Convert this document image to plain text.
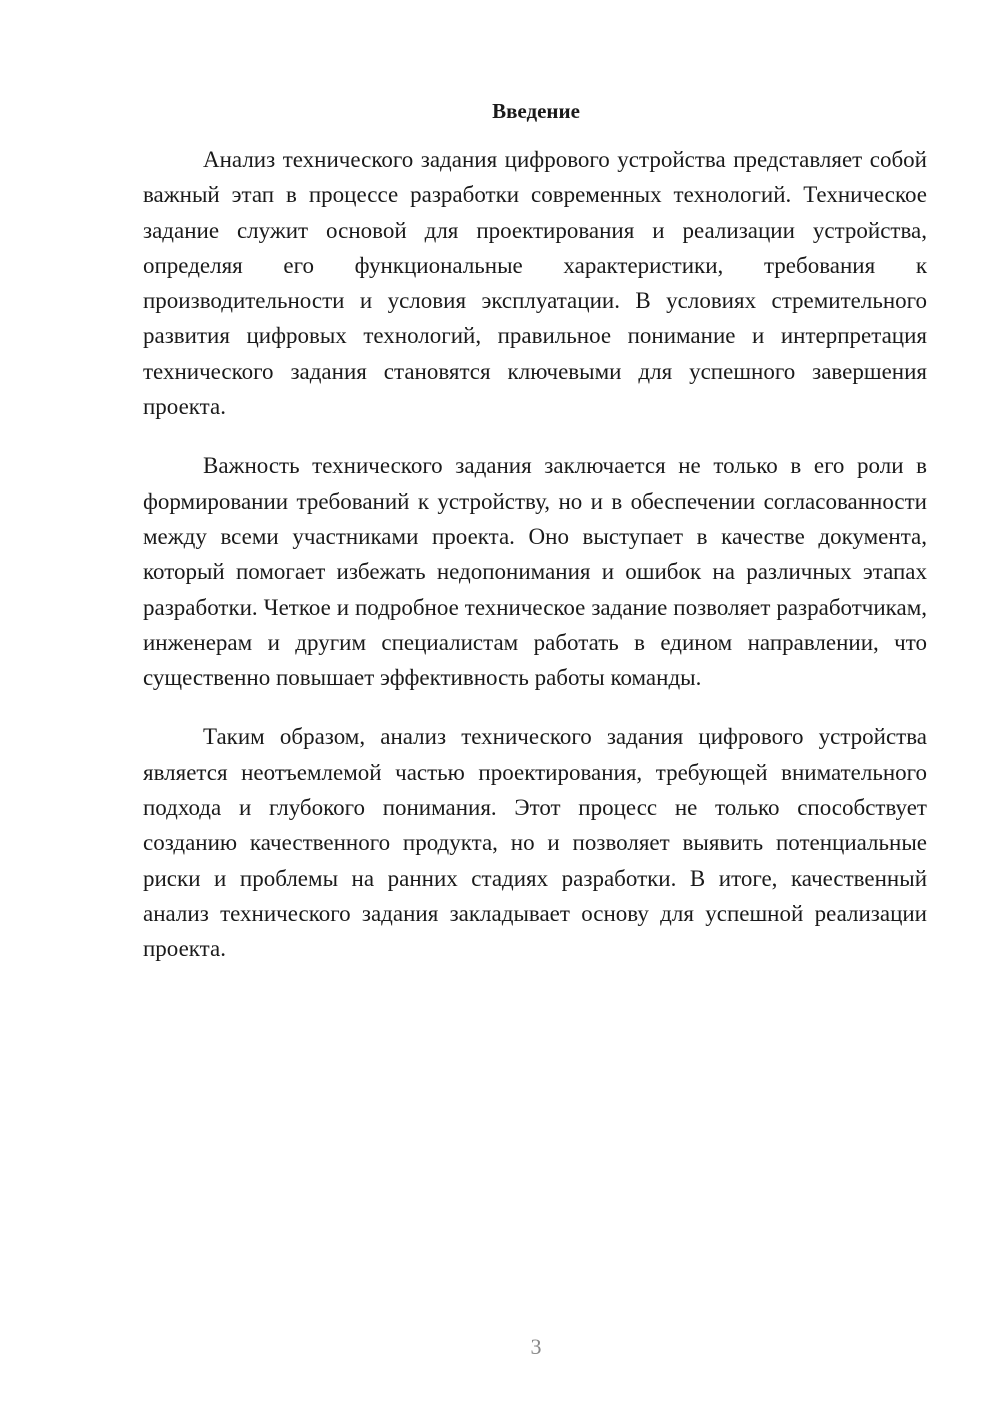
Введение

Анализ технического задания цифрового устройства представляет собой важный этап в процессе разработки современных технологий. Техническое задание служит основой для проектирования и реализации устройства, определяя его функциональные характеристики, требования к производительности и условия эксплуатации. В условиях стремительного развития цифровых технологий, правильное понимание и интерпретация технического задания становятся ключевыми для успешного завершения проекта.

Важность технического задания заключается не только в его роли в формировании требований к устройству, но и в обеспечении согласованности между всеми участниками проекта. Оно выступает в качестве документа, который помогает избежать недопонимания и ошибок на различных этапах разработки. Четкое и подробное техническое задание позволяет разработчикам, инженерам и другим специалистам работать в едином направлении, что существенно повышает эффективность работы команды.

Таким образом, анализ технического задания цифрового устройства является неотъемлемой частью проектирования, требующей внимательного подхода и глубокого понимания. Этот процесс не только способствует созданию качественного продукта, но и позволяет выявить потенциальные риски и проблемы на ранних стадиях разработки. В итоге, качественный анализ технического задания закладывает основу для успешной реализации проекта.

3
